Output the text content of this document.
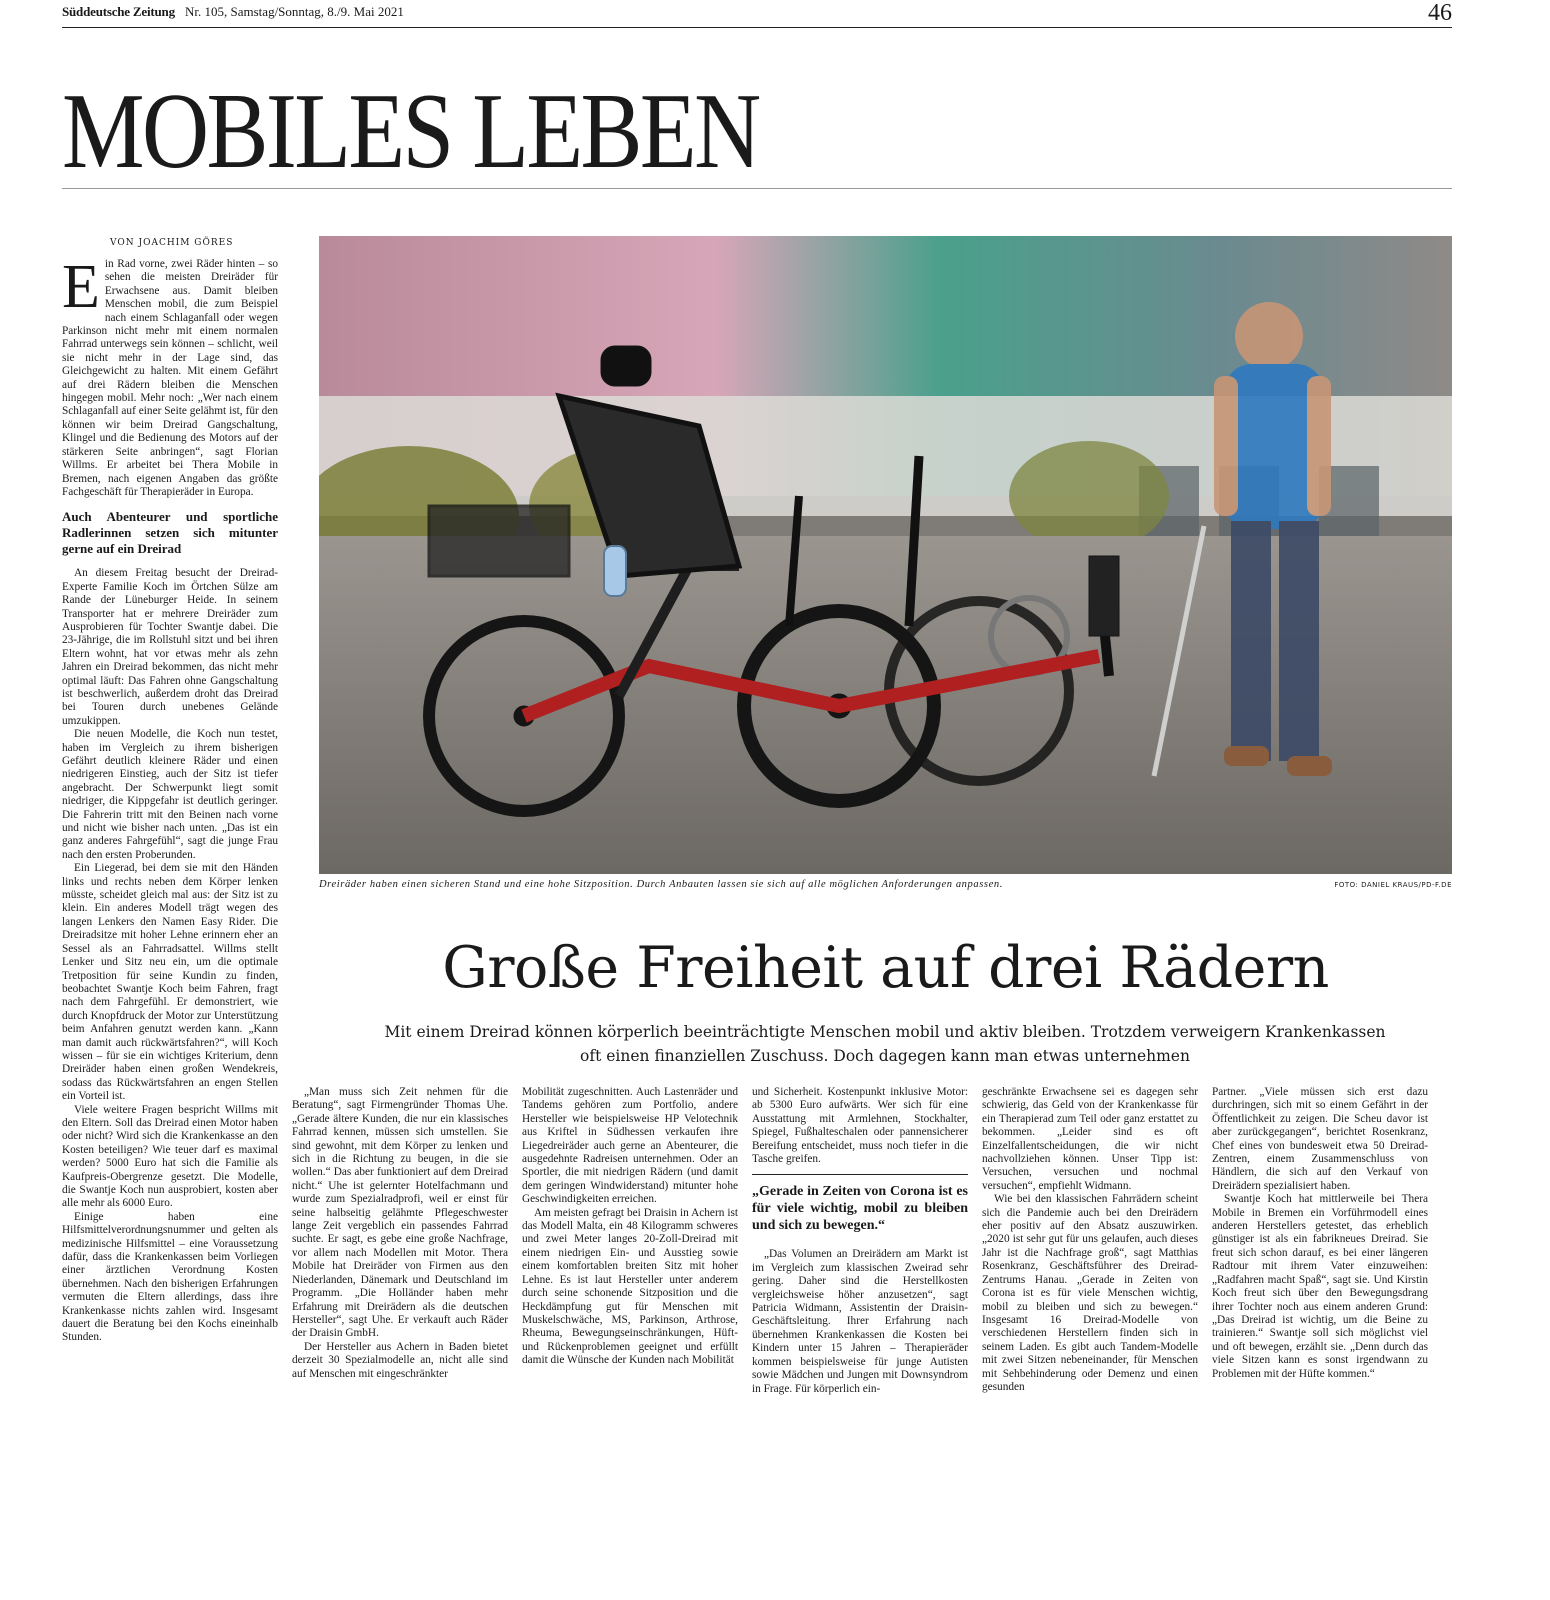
Süddeutsche Zeitung Nr. 105, Samstag/Sonntag, 8./9. Mai 2021	46
MOBILES LEBEN
VON JOACHIM GÖRES

Ein Rad vorne, zwei Räder hinten – so sehen die meisten Dreiräder für Erwachsene aus. Damit bleiben Menschen mobil, die zum Beispiel nach einem Schlaganfall oder wegen Parkinson nicht mehr mit einem normalen Fahrrad unterwegs sein können – schlicht, weil sie nicht mehr in der Lage sind, das Gleichgewicht zu halten. Mit einem Gefährt auf drei Rädern bleiben die Menschen hingegen mobil. Mehr noch: „Wer nach einem Schlaganfall auf einer Seite gelähmt ist, für den können wir beim Dreirad Gangschaltung, Klingel und die Bedienung des Motors auf der stärkeren Seite anbringen“, sagt Florian Willms. Er arbeitet bei Thera Mobile in Bremen, nach eigenen Angaben das größte Fachgeschäft für Therapieräder in Europa.

Auch Abenteurer und sportliche Radlerinnen setzen sich mitunter gerne auf ein Dreirad

An diesem Freitag besucht der Dreirad-Experte Familie Koch im Örtchen Sülze am Rande der Lüneburger Heide. In seinem Transporter hat er mehrere Dreiräder zum Ausprobieren für Tochter Swantje dabei. Die 23-Jährige, die im Rollstuhl sitzt und bei ihren Eltern wohnt, hat vor etwas mehr als zehn Jahren ein Dreirad bekommen, das nicht mehr optimal läuft: Das Fahren ohne Gangschaltung ist beschwerlich, außerdem droht das Dreirad bei Touren durch unebenes Gelände umzukippen.

Die neuen Modelle, die Koch nun testet, haben im Vergleich zu ihrem bisherigen Gefährt deutlich kleinere Räder und einen niedrigeren Einstieg, auch der Sitz ist tiefer angebracht. Der Schwerpunkt liegt somit niedriger, die Kippgefahr ist deutlich geringer. Die Fahrerin tritt mit den Beinen nach vorne und nicht wie bisher nach unten. „Das ist ein ganz anderes Fahrgefühl“, sagt die junge Frau nach den ersten Proberunden.

Ein Liegerad, bei dem sie mit den Händen links und rechts neben dem Körper lenken müsste, scheidet gleich mal aus: der Sitz ist zu klein. Ein anderes Modell trägt wegen des langen Lenkers den Namen Easy Rider. Die Dreiradsitze mit hoher Lehne erinnern eher an Sessel als an Fahrradsattel. Willms stellt Lenker und Sitz neu ein, um die optimale Tretposition für seine Kundin zu finden, beobachtet Swantje Koch beim Fahren, fragt nach dem Fahrgefühl. Er demonstriert, wie durch Knopfdruck der Motor zur Unterstützung beim Anfahren genutzt werden kann. „Kann man damit auch rückwärtsfahren?“, will Koch wissen – für sie ein wichtiges Kriterium, denn Dreiräder haben einen großen Wendekreis, sodass das Rückwärtsfahren an engen Stellen ein Vorteil ist.

Viele weitere Fragen bespricht Willms mit den Eltern. Soll das Dreirad einen Motor haben oder nicht? Wird sich die Krankenkasse an den Kosten beteiligen? Wie teuer darf es maximal werden? 5000 Euro hat sich die Familie als Kaufpreis-Obergrenze gesetzt. Die Modelle, die Swantje Koch nun ausprobiert, kosten aber alle mehr als 6000 Euro.

Einige haben eine Hilfsmittelverordnungsnummer und gelten als medizinische Hilfsmittel – eine Voraussetzung dafür, dass die Krankenkassen beim Vorliegen einer ärztlichen Verordnung Kosten übernehmen. Nach den bisherigen Erfahrungen vermuten die Eltern allerdings, dass ihre Krankenkasse nichts zahlen wird. Insgesamt dauert die Beratung bei den Kochs eineinhalb Stunden.

Dreiräder haben einen sicheren Stand und eine hohe Sitzposition. Durch Anbauten lassen sie sich auf alle möglichen Anforderungen anpassen.	FOTO: DANIEL KRAUS/PD-F.DE
Große Freiheit auf drei Rädern
Mit einem Dreirad können körperlich beeinträchtigte Menschen mobil und aktiv bleiben. Trotzdem verweigern Krankenkassen oft einen finanziellen Zuschuss. Doch dagegen kann man etwas unternehmen

„Man muss sich Zeit nehmen für die Beratung“, sagt Firmengründer Thomas Uhe. „Gerade ältere Kunden, die nur ein klassisches Fahrrad kennen, müssen sich umstellen. Sie sind gewohnt, mit dem Körper zu lenken und sich in die Richtung zu beugen, in die sie wollen.“ Das aber funktioniert auf dem Dreirad nicht.“ Uhe ist gelernter Hotelfachmann und wurde zum Spezialradprofi, weil er einst für seine halbseitig gelähmte Pflegeschwester lange Zeit vergeblich ein passendes Fahrrad suchte. Er sagt, es gebe eine große Nachfrage, vor allem nach Modellen mit Motor. Thera Mobile hat Dreiräder von Firmen aus den Niederlanden, Dänemark und Deutschland im Programm. „Die Holländer haben mehr Erfahrung mit Dreirädern als die deutschen Hersteller“, sagt Uhe. Er verkauft auch Räder der Draisin GmbH.

Der Hersteller aus Achern in Baden bietet derzeit 30 Spezialmodelle an, nicht alle sind auf Menschen mit eingeschränkter

Mobilität zugeschnitten. Auch Lastenräder und Tandems gehören zum Portfolio, andere Hersteller wie beispielsweise HP Velotechnik aus Kriftel in Südhessen verkaufen ihre Liegedreiräder auch gerne an Abenteurer, die ausgedehnte Radreisen unternehmen. Oder an Sportler, die mit niedrigen Rädern (und damit dem geringen Windwiderstand) mitunter hohe Geschwindigkeiten erreichen.

Am meisten gefragt bei Draisin in Achern ist das Modell Malta, ein 48 Kilogramm schweres und zwei Meter langes 20-Zoll-Dreirad mit einem niedrigen Ein- und Ausstieg sowie einem komfortablen breiten Sitz mit hoher Lehne. Es ist laut Hersteller unter anderem durch seine schonende Sitzposition und die Heckdämpfung gut für Menschen mit Muskelschwäche, MS, Parkinson, Arthrose, Rheuma, Bewegungseinschränkungen, Hüft- und Rückenproblemen geeignet und erfüllt damit die Wünsche der Kunden nach Mobilität

und Sicherheit. Kostenpunkt inklusive Motor: ab 5300 Euro aufwärts. Wer sich für eine Ausstattung mit Armlehnen, Stockhalter, Spiegel, Fußhalteschalen oder pannensicherer Bereifung entscheidet, muss noch tiefer in die Tasche greifen.

„Gerade in Zeiten von Corona ist es für viele wichtig, mobil zu bleiben und sich zu bewegen.“

„Das Volumen an Dreirädern am Markt ist im Vergleich zum klassischen Zweirad sehr gering. Daher sind die Herstellkosten vergleichsweise höher anzusetzen“, sagt Patricia Widmann, Assistentin der Draisin-Geschäftsleitung. Ihrer Erfahrung nach übernehmen Krankenkassen die Kosten bei Kindern unter 15 Jahren – Therapieräder kommen beispielsweise für junge Autisten sowie Mädchen und Jungen mit Downsyndrom in Frage. Für körperlich ein-

geschränkte Erwachsene sei es dagegen sehr schwierig, das Geld von der Krankenkasse für ein Therapierad zum Teil oder ganz erstattet zu bekommen. „Leider sind es oft Einzelfallentscheidungen, die wir nicht nachvollziehen können. Unser Tipp ist: Versuchen, versuchen und nochmal versuchen“, empfiehlt Widmann.

Wie bei den klassischen Fahrrädern scheint sich die Pandemie auch bei den Dreirädern eher positiv auf den Absatz auszuwirken. „2020 ist sehr gut für uns gelaufen, auch dieses Jahr ist die Nachfrage groß“, sagt Matthias Rosenkranz, Geschäftsführer des Dreirad-Zentrums Hanau. „Gerade in Zeiten von Corona ist es für viele Menschen wichtig, mobil zu bleiben und sich zu bewegen.“ Insgesamt 16 Dreirad-Modelle von verschiedenen Herstellern finden sich in seinem Laden. Es gibt auch Tandem-Modelle mit zwei Sitzen nebeneinander, für Menschen mit Sehbehinderung oder Demenz und einen gesunden

Partner. „Viele müssen sich erst dazu durchringen, sich mit so einem Gefährt in der Öffentlichkeit zu zeigen. Die Scheu davor ist aber zurückgegangen“, berichtet Rosenkranz, Chef eines von bundesweit etwa 50 Dreirad-Zentren, einem Zusammenschluss von Händlern, die sich auf den Verkauf von Dreirädern spezialisiert haben.

Swantje Koch hat mittlerweile bei Thera Mobile in Bremen ein Vorführmodell eines anderen Herstellers getestet, das erheblich günstiger ist als ein fabrikneues Dreirad. Sie freut sich schon darauf, es bei einer längeren Radtour mit ihrem Vater einzuweihen: „Radfahren macht Spaß“, sagt sie. Und Kirstin Koch freut sich über den Bewegungsdrang ihrer Tochter noch aus einem anderen Grund: „Das Dreirad ist wichtig, um die Beine zu trainieren.“ Swantje soll sich möglichst viel und oft bewegen, erzählt sie. „Denn durch das viele Sitzen kann es sonst irgendwann zu Problemen mit der Hüfte kommen.“
